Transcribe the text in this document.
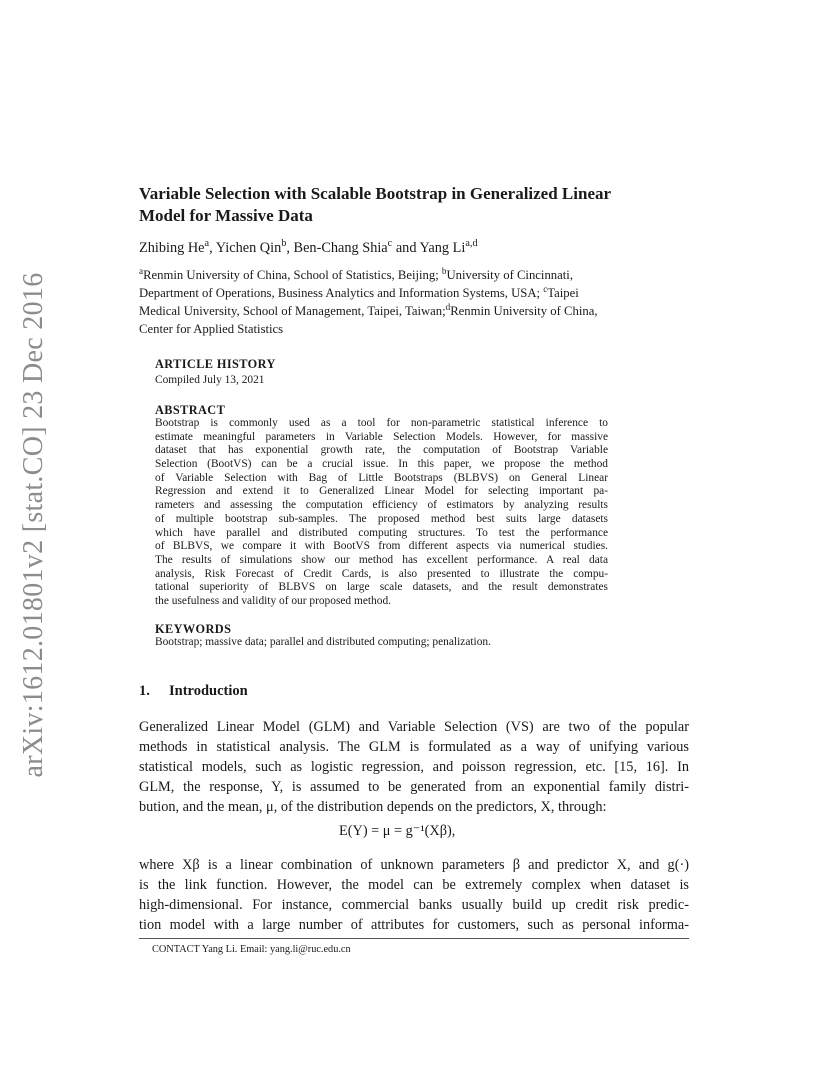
arXiv:1612.01801v2 [stat.CO] 23 Dec 2016
Variable Selection with Scalable Bootstrap in Generalized Linear
Model for Massive Data
Zhibing He$^a$, Yichen Qin$^b$, Ben-Chang Shia$^c$ and Yang Li$^{a,d}$
$^a$Renmin University of China, School of Statistics, Beijing; $^b$University of Cincinnati,
Department of Operations, Business Analytics and Information Systems, USA; $^c$Taipei
Medical University, School of Management, Taipei, Taiwan;$^d$Renmin University of China,
Center for Applied Statistics
ARTICLE HISTORY
Compiled July 13, 2021
ABSTRACT
Bootstrap is commonly used as a tool for non-parametric statistical inference to
estimate meaningful parameters in Variable Selection Models. However, for massive
dataset that has exponential growth rate, the computation of Bootstrap Variable
Selection (BootVS) can be a crucial issue. In this paper, we propose the method
of Variable Selection with Bag of Little Bootstraps (BLBVS) on General Linear
Regression and extend it to Generalized Linear Model for selecting important pa-
rameters and assessing the computation efficiency of estimators by analyzing results
of multiple bootstrap sub-samples. The proposed method best suits large datasets
which have parallel and distributed computing structures. To test the performance
of BLBVS, we compare it with BootVS from different aspects via numerical studies.
The results of simulations show our method has excellent performance. A real data
analysis, Risk Forecast of Credit Cards, is also presented to illustrate the compu-
tational superiority of BLBVS on large scale datasets, and the result demonstrates
the usefulness and validity of our proposed method.
KEYWORDS
Bootstrap; massive data; parallel and distributed computing; penalization.
1. Introduction
Generalized Linear Model (GLM) and Variable Selection (VS) are two of the popular
methods in statistical analysis. The GLM is formulated as a way of unifying various
statistical models, such as logistic regression, and poisson regression, etc. [15, 16]. In
GLM, the response, Y, is assumed to be generated from an exponential family distri-
bution, and the mean, μ, of the distribution depends on the predictors, X, through:
E(Y) = μ = g⁻¹(Xβ),
where Xβ is a linear combination of unknown parameters β and predictor X, and g(·)
is the link function. However, the model can be extremely complex when dataset is
high-dimensional. For instance, commercial banks usually build up credit risk predic-
tion model with a large number of attributes for customers, such as personal informa-
CONTACT Yang Li. Email: yang.li@ruc.edu.cn
